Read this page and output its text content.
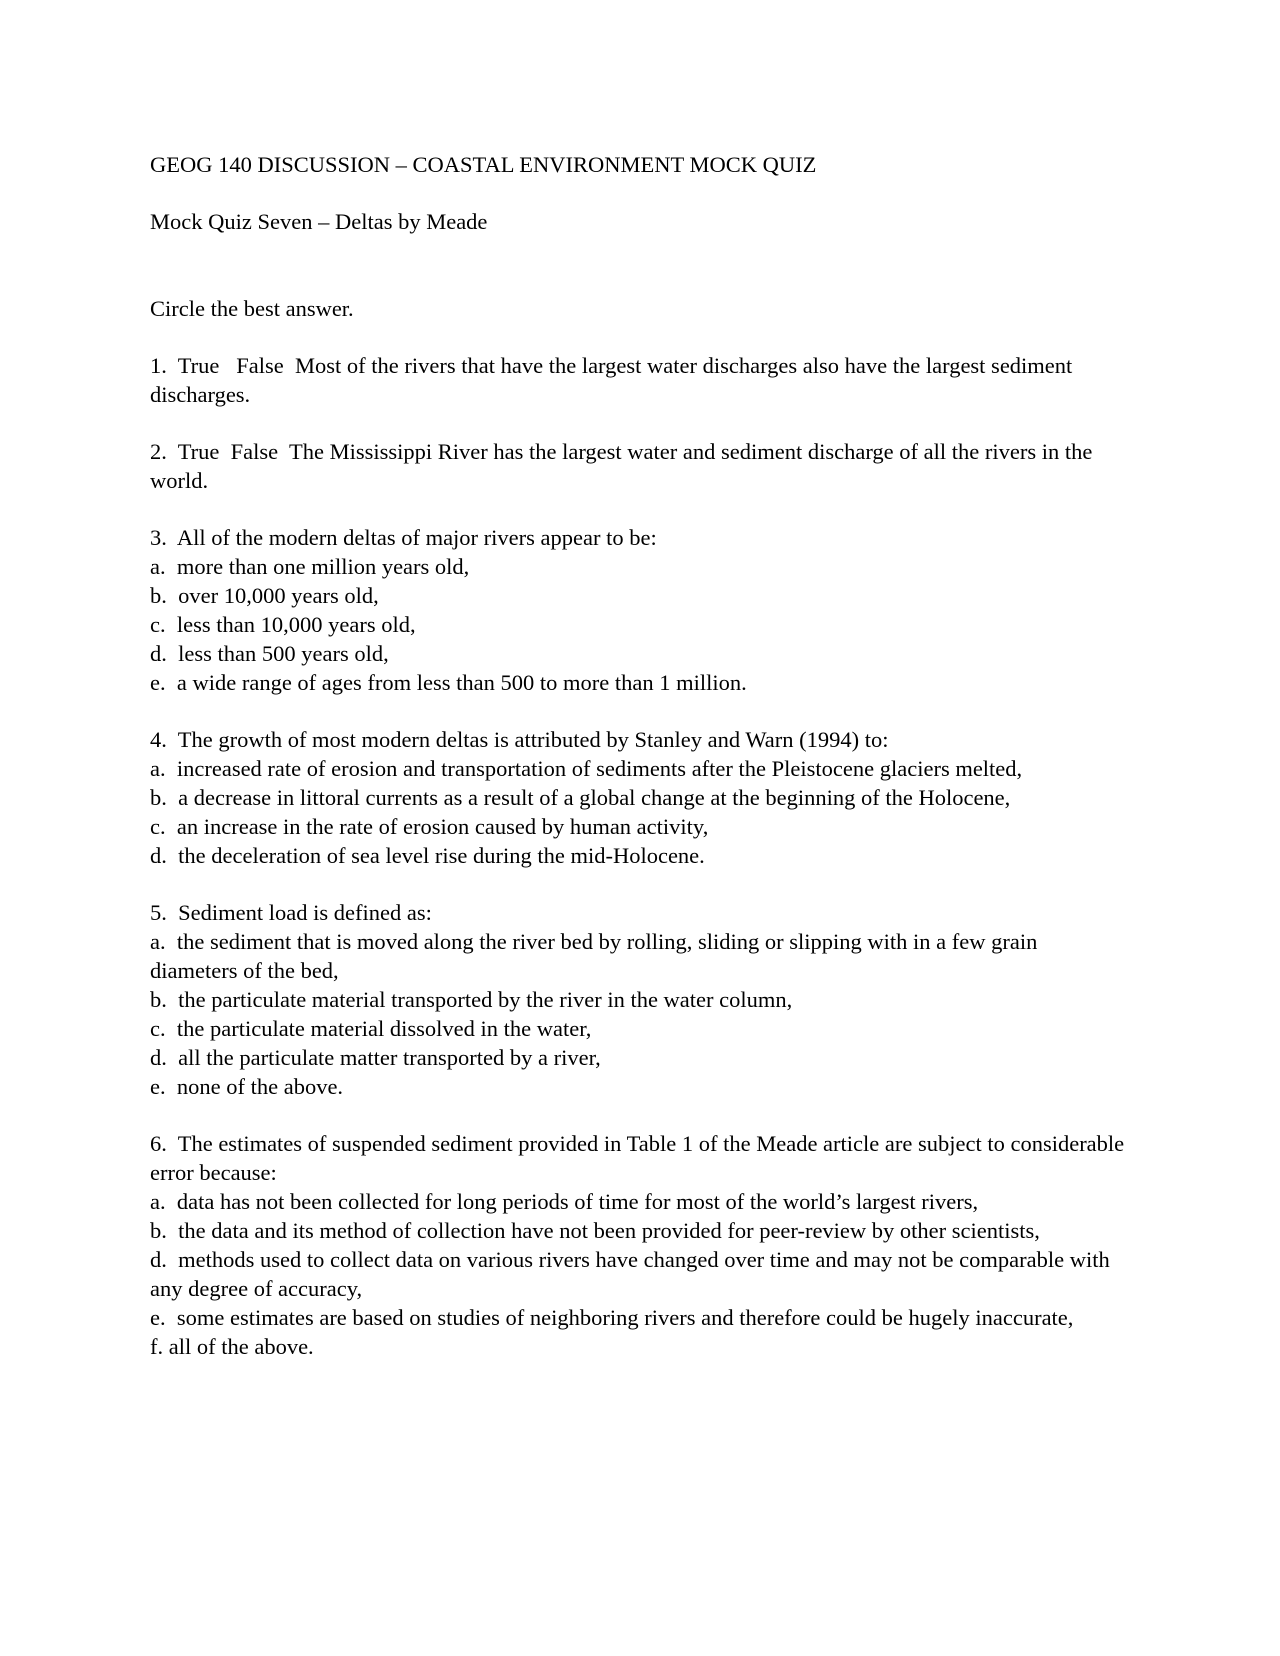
GEOG 140 DISCUSSION – COASTAL ENVIRONMENT MOCK QUIZ

Mock Quiz Seven – Deltas by Meade

Circle the best answer.

1.  True   False  Most of the rivers that have the largest water discharges also have the largest sediment discharges.

2.  True  False  The Mississippi River has the largest water and sediment discharge of all the rivers in the world.

3.  All of the modern deltas of major rivers appear to be:

a.  more than one million years old,

b.  over 10,000 years old,

c.  less than 10,000 years old,

d.  less than 500 years old,

e.  a wide range of ages from less than 500 to more than 1 million.

4.  The growth of most modern deltas is attributed by Stanley and Warn (1994) to:

a.  increased rate of erosion and transportation of sediments after the Pleistocene glaciers melted,

b.  a decrease in littoral currents as a result of a global change at the beginning of the Holocene,

c.  an increase in the rate of erosion caused by human activity,

d.  the deceleration of sea level rise during the mid-Holocene.

5.  Sediment load is defined as:

a.  the sediment that is moved along the river bed by rolling, sliding or slipping with in a few grain diameters of the bed,

b.  the particulate material transported by the river in the water column,

c.  the particulate material dissolved in the water,

d.  all the particulate matter transported by a river,

e.  none of the above.

6.  The estimates of suspended sediment provided in Table 1 of the Meade article are subject to considerable error because:

a.  data has not been collected for long periods of time for most of the world’s largest rivers,

b.  the data and its method of collection have not been provided for peer-review by other scientists,

d.  methods used to collect data on various rivers have changed over time and may not be comparable with any degree of accuracy,

e.  some estimates are based on studies of neighboring rivers and therefore could be hugely inaccurate,

f. all of the above.
